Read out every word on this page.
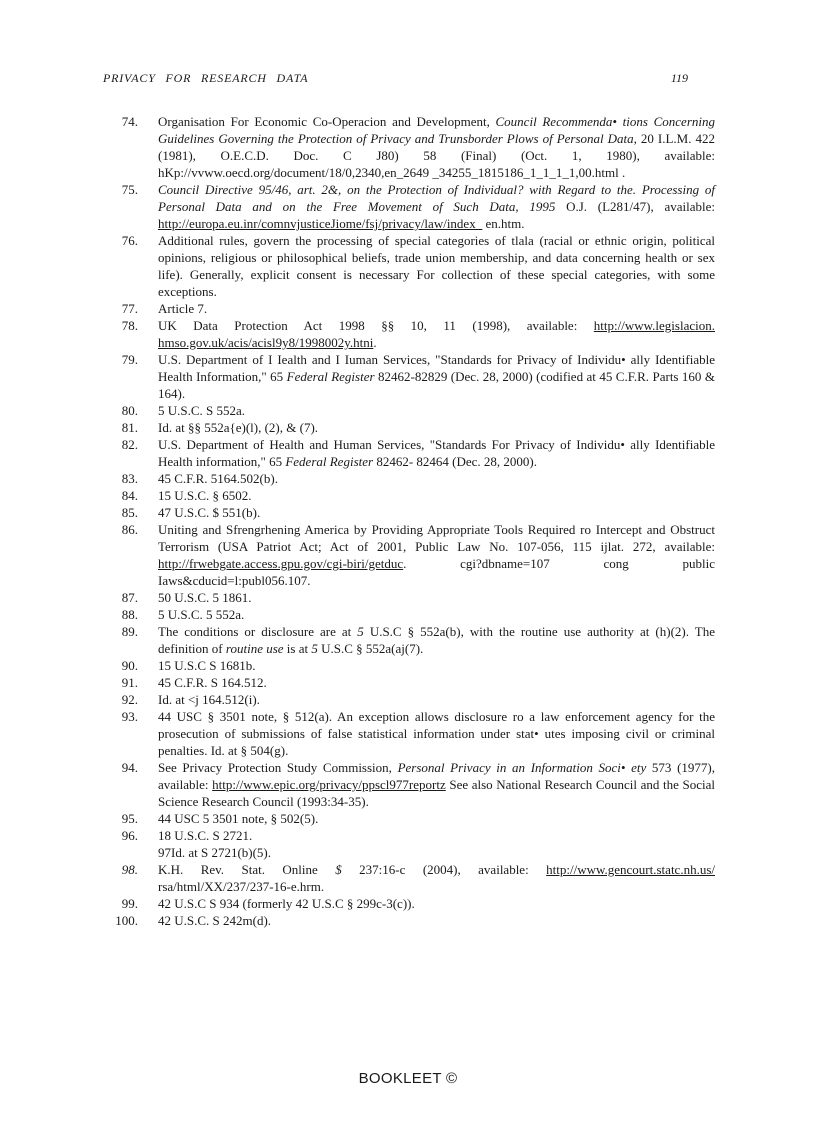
PRIVACY FOR RESEARCH DATA	119
74. Organisation For Economic Co-Operacion and Development, Council Recommenda• tions Concerning Guidelines Governing the Protection of Privacy and Trunsborder Plows of Personal Data, 20 I.L.M. 422 (1981), O.E.C.D. Doc. C J80) 58 (Final) (Oct. 1, 1980), available: hKp://vvww.oecd.org/document/18/0,2340,en_2649 _34255_1815186_1_1_1_1,00.html .
75. Council Directive 95/46, art. 2&, on the Protection of Individual? with Regard to the. Processing of Personal Data and on the Free Movement of Such Data, 1995 O.J. (L281/47), available: http://europa.eu.inr/comnvjusticeJiome/fsj/privacy/law/index_ en.htm.
76. Additional rules, govern the processing of special categories of tlala (racial or ethnic origin, political opinions, religious or philosophical beliefs, trade union membership, and data concerning health or sex life). Generally, explicit consent is necessary For collection of these special categories, with some exceptions.
77. Article 7.
78. UK Data Protection Act 1998 §§ 10, 11 (1998), available: http://www.legislacion. hmso.gov.uk/acis/acisl9y8/1998002y.htni.
79. U.S. Department of I Iealth and I Iuman Services, "Standards for Privacy of Individu• ally Identifiable Health Information," 65 Federal Register 82462-82829 (Dec. 28, 2000) (codified at 45 C.F.R. Parts 160 & 164).
80. 5 U.S.C. S 552a.
81. Id. at §§ 552a{e)(l), (2), & (7).
82. U.S. Department of Health and Human Services, "Standards For Privacy of Individu• ally Identifiable Health information," 65 Federal Register 82462- 82464 (Dec. 28, 2000).
83. 45 C.F.R. 5164.502(b).
84. 15 U.S.C. § 6502.
85. 47 U.S.C. $ 551(b).
86. Uniting and Sfrengrhening America by Providing Appropriate Tools Required ro Intercept and Obstruct Terrorism (USA Patriot Act; Act of 2001, Public Law No. 107-056, 115 ijlat. 272, available: http://frwebgate.access.gpu.gov/cgi-biri/getduc. cgi?dbname=107 cong public Iaws&cducid=l:publ056.107.
87. 50 U.S.C. 5 1861.
88. 5 U.S.C. 5 552a.
89. The conditions or disclosure are at 5 U.S.C § 552a(b), with the routine use authority at (h)(2). The definition of routine use is at 5 U.S.C § 552a(aj(7).
90. 15 U.S.C S 1681b.
91. 45 C.F.R. S 164.512.
92. Id. at <j 164.512(i).
93. 44 USC § 3501 note, § 512(a). An exception allows disclosure ro a law enforcement agency for the prosecution of submissions of false statistical information under stat• utes imposing civil or criminal penalties. Id. at § 504(g).
94. See Privacy Protection Study Commission, Personal Privacy in an Information Soci• ety 573 (1977), available: http://www.epic.org/privacy/ppscl977reportz See also National Research Council and the Social Science Research Council (1993:34-35).
95. 44 USC 5 3501 note, § 502(5).
96. 18 U.S.C. S 2721.
97Id. at S 2721(b)(5).
98. K.H. Rev. Stat. Online $ 237:16-c (2004), available: http://www.gencourt.statc.nh.us/ rsa/html/XX/237/237-16-e.hrm.
99. 42 U.S.C S 934 (formerly 42 U.S.C § 299c-3(c)).
100. 42 U.S.C. S 242m(d).
BOOKLEET ©
